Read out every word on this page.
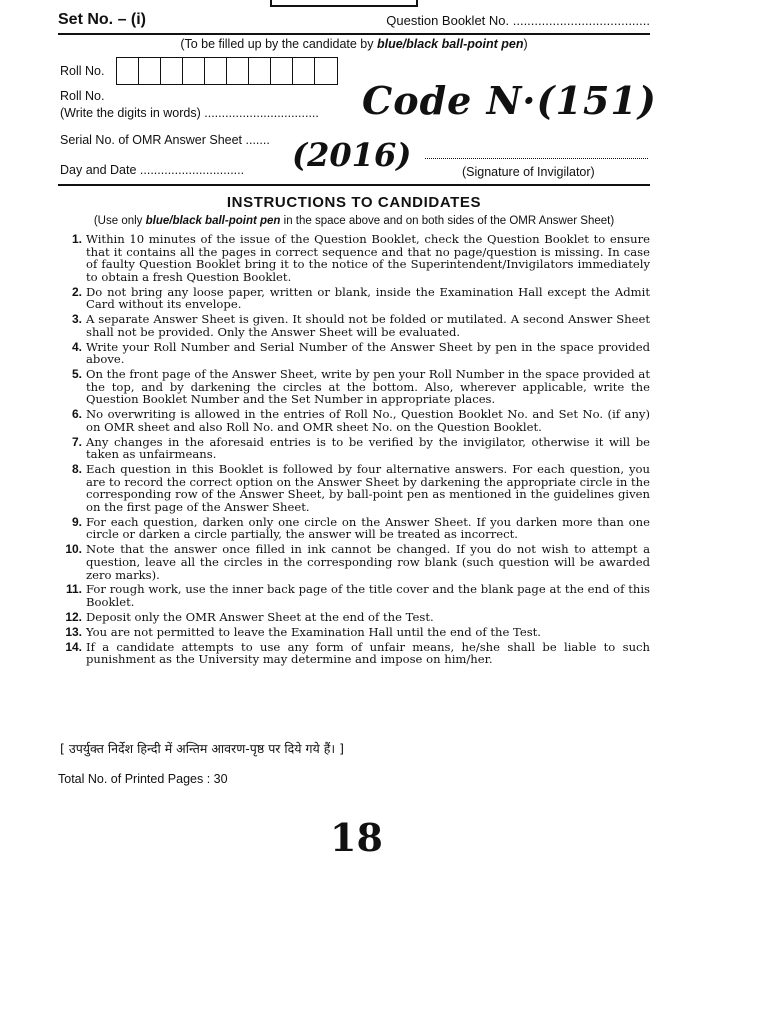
Set No. – (i)	Question Booklet No. ......................................
(To be filled up by the candidate by blue/black ball-point pen)
Roll No.
Roll No.
(Write the digits in words) .................................
Serial No. of OMR Answer Sheet .......
Day and Date ..............................	(Signature of Invigilator)
Code N·(151)
(2016)
INSTRUCTIONS TO CANDIDATES
(Use only blue/black ball-point pen in the space above and on both sides of the OMR Answer Sheet)
1. Within 10 minutes of the issue of the Question Booklet, check the Question Booklet to ensure that it contains all the pages in correct sequence and that no page/question is missing. In case of faulty Question Booklet bring it to the notice of the Superintendent/Invigilators immediately to obtain a fresh Question Booklet.
2. Do not bring any loose paper, written or blank, inside the Examination Hall except the Admit Card without its envelope.
3. A separate Answer Sheet is given. It should not be folded or mutilated. A second Answer Sheet shall not be provided. Only the Answer Sheet will be evaluated.
4. Write your Roll Number and Serial Number of the Answer Sheet by pen in the space provided above.
5. On the front page of the Answer Sheet, write by pen your Roll Number in the space provided at the top, and by darkening the circles at the bottom. Also, wherever applicable, write the Question Booklet Number and the Set Number in appropriate places.
6. No overwriting is allowed in the entries of Roll No., Question Booklet No. and Set No. (if any) on OMR sheet and also Roll No. and OMR sheet No. on the Question Booklet.
7. Any changes in the aforesaid entries is to be verified by the invigilator, otherwise it will be taken as unfairmeans.
8. Each question in this Booklet is followed by four alternative answers. For each question, you are to record the correct option on the Answer Sheet by darkening the appropriate circle in the corresponding row of the Answer Sheet, by ball-point pen as mentioned in the guidelines given on the first page of the Answer Sheet.
9. For each question, darken only one circle on the Answer Sheet. If you darken more than one circle or darken a circle partially, the answer will be treated as incorrect.
10. Note that the answer once filled in ink cannot be changed. If you do not wish to attempt a question, leave all the circles in the corresponding row blank (such question will be awarded zero marks).
11. For rough work, use the inner back page of the title cover and the blank page at the end of this Booklet.
12. Deposit only the OMR Answer Sheet at the end of the Test.
13. You are not permitted to leave the Examination Hall until the end of the Test.
14. If a candidate attempts to use any form of unfair means, he/she shall be liable to such punishment as the University may determine and impose on him/her.
[ उपर्युक्त निर्देश हिन्दी में अन्तिम आवरण-पृष्ठ पर दिये गये हैं। ]
Total No. of Printed Pages : 30
18
